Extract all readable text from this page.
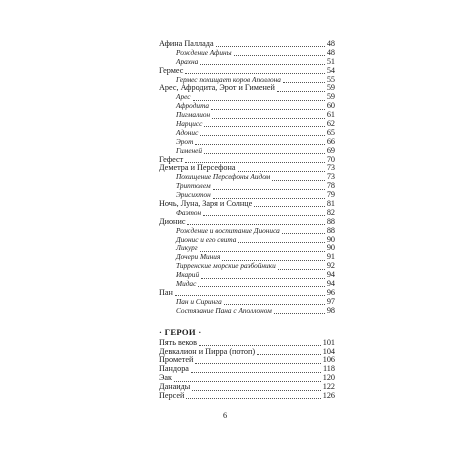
Афина Паллада	48
Рождение Афины	48
Арахна	51
Гермес	54
Гермес похищает коров Аполлона	55
Арес, Афродита, Эрот и Гименей	59
Арес	59
Афродита	60
Пигмалион	61
Нарцисс	62
Адонис	65
Эрот	66
Гименей	69
Гефест	70
Деметра и Персефона	73
Похищение Персефоны Аидом	73
Триптолем	78
Эрисихтон	79
Ночь, Луна, Заря и Солнце	81
Фаэтон	82
Дионис	88
Рождение и воспитание Диониса	88
Дионис и его свита	90
Ликург	90
Дочери Миния	91
Тирренские морские разбойники	92
Икарий	94
Мидас	94
Пан	96
Пан и Сиринга	97
Состязание Пана с Аполлоном	98
· ГЕРОИ ·
Пять веков	101
Девкалион и Пирра (потоп)	104
Прометей	106
Пандора	118
Эак	120
Данаиды	122
Персей	126
6
